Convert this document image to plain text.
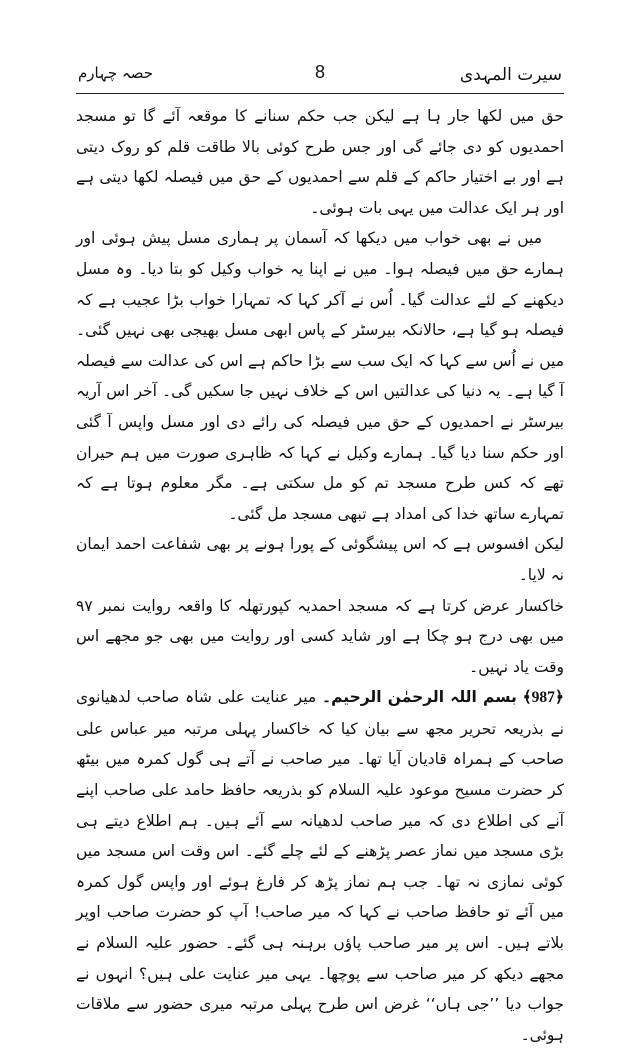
سیرت المہدی
8
حصہ چہارم

حق میں لکھا جار ہا ہے لیکن جب حکم سنانے کا موقعہ آئے گا تو مسجد احمدیوں کو دی جائے گی اور جس طرح کوئی بالا طاقت قلم کو روک دیتی ہے اور بے اختیار حاکم کے قلم سے احمدیوں کے حق میں فیصلہ لکھا دیتی ہے اور ہر ایک عدالت میں یہی بات ہوئی۔

میں نے بھی خواب میں دیکھا کہ آسمان پر ہماری مسل پیش ہوئی اور ہمارے حق میں فیصلہ ہوا۔ میں نے اپنا یہ خواب وکیل کو بتا دیا۔ وہ مسل دیکھنے کے لئے عدالت گیا۔ اُس نے آکر کہا کہ تمہارا خواب بڑا عجیب ہے کہ فیصلہ ہو گیا ہے، حالانکہ بیرسٹر کے پاس ابھی مسل بھیجی بھی نہیں گئی۔ میں نے اُس سے کہا کہ ایک سب سے بڑا حاکم ہے اس کی عدالت سے فیصلہ آ گیا ہے۔ یہ دنیا کی عدالتیں اس کے خلاف نہیں جا سکیں گی۔ آخر اس آریہ بیرسٹر نے احمدیوں کے حق میں فیصلہ کی رائے دی اور مسل واپس آ گئی اور حکم سنا دیا گیا۔ ہمارے وکیل نے کہا کہ ظاہری صورت میں ہم حیران تھے کہ کس طرح مسجد تم کو مل سکتی ہے۔ مگر معلوم ہوتا ہے کہ تمہارے ساتھ خدا کی امداد ہے تبھی مسجد مل گئی۔

لیکن افسوس ہے کہ اس پیشگوئی کے پورا ہونے پر بھی شفاعت احمد ایمان نہ لایا۔

خاکسار عرض کرتا ہے کہ مسجد احمدیہ کپورتھلہ کا واقعہ روایت نمبر ۹۷ میں بھی درج ہو چکا ہے اور شاید کسی اور روایت میں بھی جو مجھے اس وقت یاد نہیں۔

﴿987﴾ بسم اللہ الرحمٰن الرحیم۔ میر عنایت علی شاہ صاحب لدھیانوی نے بذریعہ تحریر مجھ سے بیان کیا کہ خاکسار پہلی مرتبہ میر عباس علی صاحب کے ہمراہ قادیان آیا تھا۔ میر صاحب نے آتے ہی گول کمرہ میں بیٹھ کر حضرت مسیح موعود علیہ السلام کو بذریعہ حافظ حامد علی صاحب اپنے آنے کی اطلاع دی کہ میر صاحب لدھیانہ سے آئے ہیں۔ ہم اطلاع دیتے ہی بڑی مسجد میں نماز عصر پڑھنے کے لئے چلے گئے۔ اس وقت اس مسجد میں کوئی نمازی نہ تھا۔ جب ہم نماز پڑھ کر فارغ ہوئے اور واپس گول کمرہ میں آئے تو حافظ صاحب نے کہا کہ میر صاحب! آپ کو حضرت صاحب اوپر بلاتے ہیں۔ اس پر میر صاحب پاؤں برہنہ ہی گئے۔ حضور علیہ السلام نے مجھے دیکھ کر میر صاحب سے پوچھا۔ یہی میر عنایت علی ہیں؟ انہوں نے جواب دیا ’’جی ہاں‘‘ غرض اس طرح پہلی مرتبہ میری حضور سے ملاقات ہوئی۔
